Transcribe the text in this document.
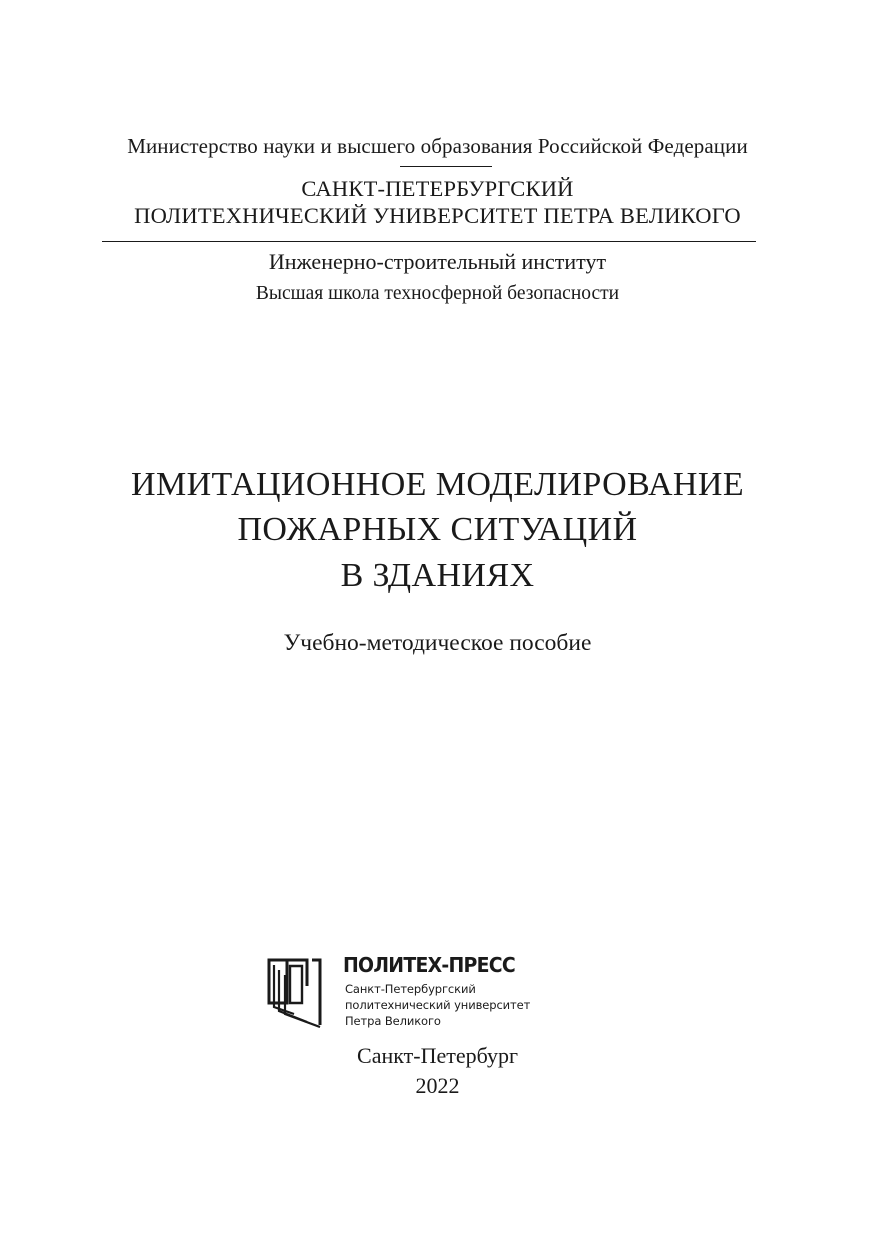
Министерство науки и высшего образования Российской Федерации
САНКТ-ПЕТЕРБУРГСКИЙ
ПОЛИТЕХНИЧЕСКИЙ УНИВЕРСИТЕТ ПЕТРА ВЕЛИКОГО
Инженерно-строительный институт
Высшая школа техносферной безопасности
ИМИТАЦИОННОЕ МОДЕЛИРОВАНИЕ
ПОЖАРНЫХ СИТУАЦИЙ
В ЗДАНИЯХ
Учебно-методическое пособие
ПОЛИТЕХ-ПРЕСС
Санкт-Петербургский
политехнический университет
Петра Великого
Санкт-Петербург
2022
